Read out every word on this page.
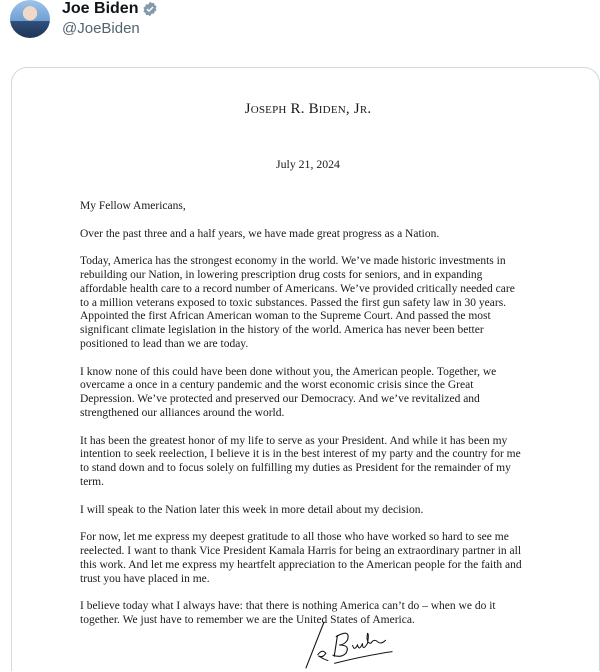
Joe Biden
@JoeBiden
Joseph R. Biden, Jr.
July 21, 2024
My Fellow Americans,
Over the past three and a half years, we have made great progress as a Nation.
Today, America has the strongest economy in the world. We’ve made historic investments in
rebuilding our Nation, in lowering prescription drug costs for seniors, and in expanding
affordable health care to a record number of Americans. We’ve provided critically needed care
to a million veterans exposed to toxic substances. Passed the first gun safety law in 30 years.
Appointed the first African American woman to the Supreme Court. And passed the most
significant climate legislation in the history of the world. America has never been better
positioned to lead than we are today.
I know none of this could have been done without you, the American people. Together, we
overcame a once in a century pandemic and the worst economic crisis since the Great
Depression. We’ve protected and preserved our Democracy. And we’ve revitalized and
strengthened our alliances around the world.
It has been the greatest honor of my life to serve as your President. And while it has been my
intention to seek reelection, I believe it is in the best interest of my party and the country for me
to stand down and to focus solely on fulfilling my duties as President for the remainder of my
term.
I will speak to the Nation later this week in more detail about my decision.
For now, let me express my deepest gratitude to all those who have worked so hard to see me
reelected. I want to thank Vice President Kamala Harris for being an extraordinary partner in all
this work. And let me express my heartfelt appreciation to the American people for the faith and
trust you have placed in me.
I believe today what I always have: that there is nothing America can’t do – when we do it
together. We just have to remember we are the United States of America.
